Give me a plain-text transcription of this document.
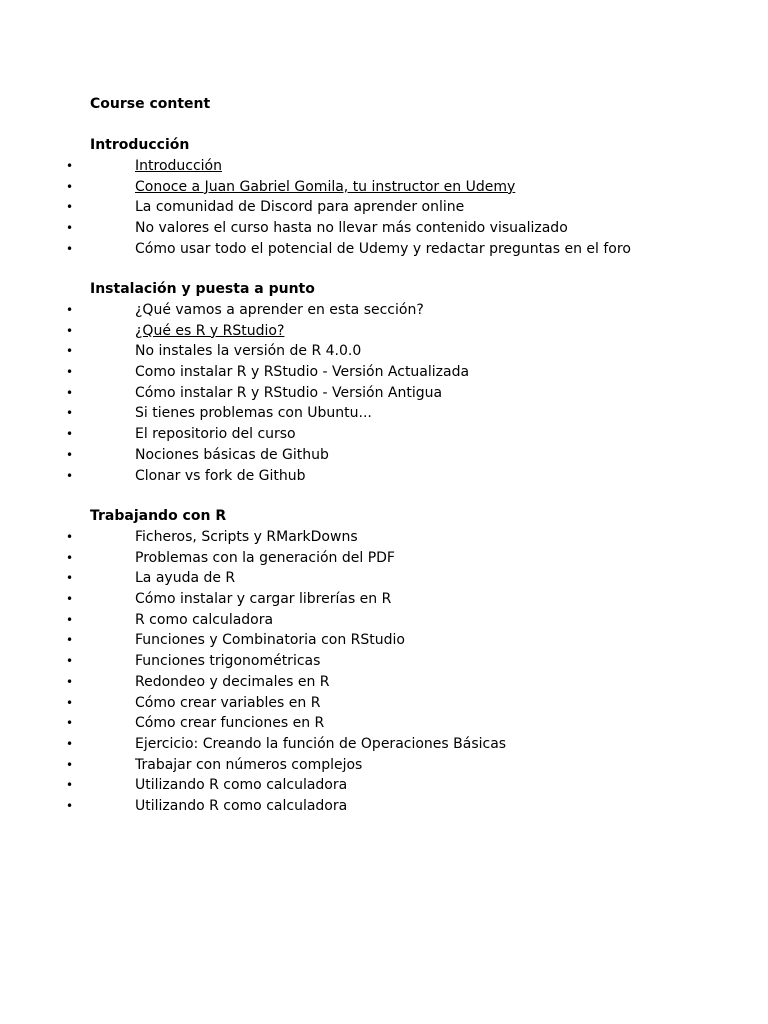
Course content
Introducción
•	Introducción
•	Conoce a Juan Gabriel Gomila, tu instructor en Udemy
•	La comunidad de Discord para aprender online
•	No valores el curso hasta no llevar más contenido visualizado
•	Cómo usar todo el potencial de Udemy y redactar preguntas en el foro
Instalación y puesta a punto
•	¿Qué vamos a aprender en esta sección?
•	¿Qué es R y RStudio?
•	No instales la versión de R 4.0.0
•	Como instalar R y RStudio - Versión Actualizada
•	Cómo instalar R y RStudio - Versión Antigua
•	Si tienes problemas con Ubuntu...
•	El repositorio del curso
•	Nociones básicas de Github
•	Clonar vs fork de Github
Trabajando con R
•	Ficheros, Scripts y RMarkDowns
•	Problemas con la generación del PDF
•	La ayuda de R
•	Cómo instalar y cargar librerías en R
•	R como calculadora
•	Funciones y Combinatoria con RStudio
•	Funciones trigonométricas
•	Redondeo y decimales en R
•	Cómo crear variables en R
•	Cómo crear funciones en R
•	Ejercicio: Creando la función de Operaciones Básicas
•	Trabajar con números complejos
•	Utilizando R como calculadora
•	Utilizando R como calculadora
